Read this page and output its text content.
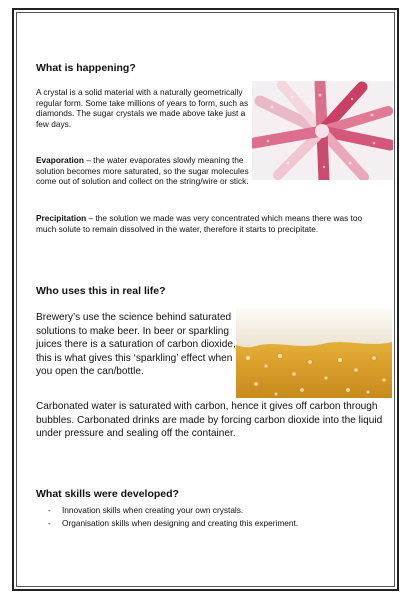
What is happening?

A crystal is a solid material with a naturally geometrically regular form. Some take millions of years to form, such as diamonds. The sugar crystals we made above take just a few days.

Evaporation – the water evaporates slowly meaning the solution becomes more saturated, so the sugar molecules come out of solution and collect on the string/wire or stick.

Precipitation – the solution we made was very concentrated which means there was too much solute to remain dissolved in the water, therefore it starts to precipitate.

Who uses this in real life?

Brewery’s use the science behind saturated solutions to make beer. In beer or sparkling juices there is a saturation of carbon dioxide, this is what gives this ‘sparkling’ effect when you open the can/bottle.

Carbonated water is saturated with carbon, hence it gives off carbon through bubbles. Carbonated drinks are made by forcing carbon dioxide into the liquid under pressure and sealing off the container.

What skills were developed?
- Innovation skills when creating your own crystals.
- Organisation skills when designing and creating this experiment.
